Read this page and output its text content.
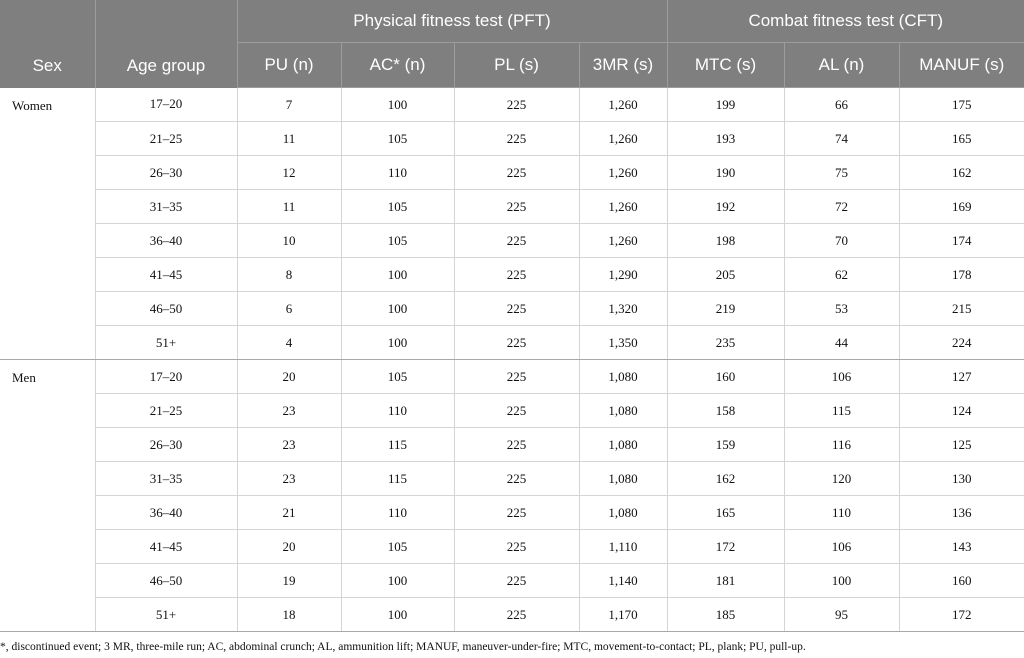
Sex	Age group	Physical fitness test (PFT)				Combat fitness test (CFT)		
		PU (n)	AC* (n)	PL (s)	3MR (s)	MTC (s)	AL (n)	MANUF (s)
Women	17–20	7	100	225	1,260	199	66	175
	21–25	11	105	225	1,260	193	74	165
	26–30	12	110	225	1,260	190	75	162
	31–35	11	105	225	1,260	192	72	169
	36–40	10	105	225	1,260	198	70	174
	41–45	8	100	225	1,290	205	62	178
	46–50	6	100	225	1,320	219	53	215
	51+	4	100	225	1,350	235	44	224
Men	17–20	20	105	225	1,080	160	106	127
	21–25	23	110	225	1,080	158	115	124
	26–30	23	115	225	1,080	159	116	125
	31–35	23	115	225	1,080	162	120	130
	36–40	21	110	225	1,080	165	110	136
	41–45	20	105	225	1,110	172	106	143
	46–50	19	100	225	1,140	181	100	160
	51+	18	100	225	1,170	185	95	172
*, discontinued event; 3 MR, three-mile run; AC, abdominal crunch; AL, ammunition lift; MANUF, maneuver-under-fire; MTC, movement-to-contact; PL, plank; PU, pull-up.
